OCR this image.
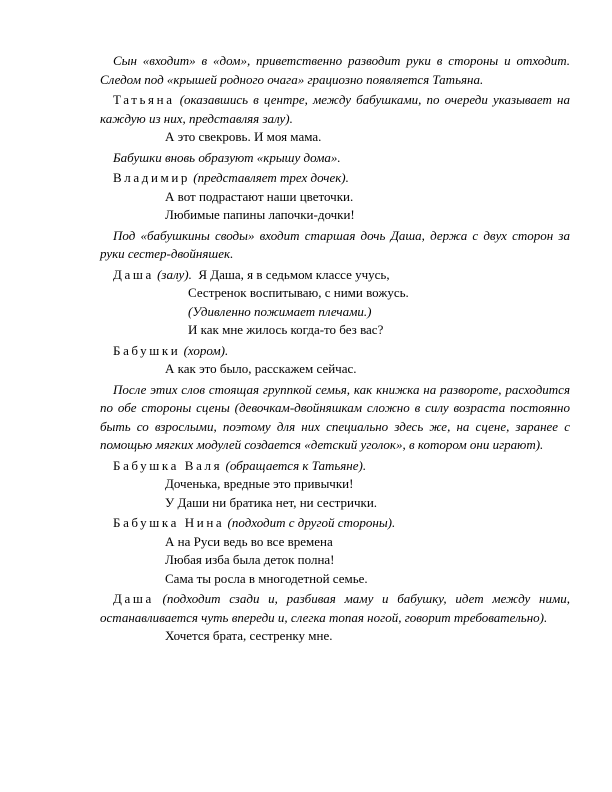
Сын «входит» в «дом», приветственно разводит руки в стороны и отходит. Следом под «крышей родного очага» грациозно появляется Татьяна.

Татьяна (оказавшись в центре, между бабушками, по очереди указывает на каждую из них, представляя залу).

А это свекровь. И моя мама.

Бабушки вновь образуют «крышу дома».

Владимир (представляет трех дочек).

А вот подрастают наши цветочки.

Любимые папины лапочки-дочки!

Под «бабушкины своды» входит старшая дочь Даша, держа с двух сторон за руки сестер-двойняшек.

Даша (залу).  Я Даша, я в седьмом классе учусь,

Сестренок воспитываю, с ними вожусь.

(Удивленно пожимает плечами.)

И как мне жилось когда-то без вас?

Бабушки (хором).

А как это было, расскажем сейчас.

После этих слов стоящая группкой семья, как книжка на развороте, расходится по обе стороны сцены (девочкам-двойняшкам сложно в силу возраста постоянно быть со взрослыми, поэтому для них специально здесь же, на сцене, заранее с помощью мягких модулей создается «детский уголок», в котором они играют).

Бабушка Валя (обращается к Татьяне).

Доченька, вредные это привычки!

У Даши ни братика нет, ни сестрички.

Бабушка Нина (подходит с другой стороны).

А на Руси ведь во все времена

Любая изба была деток полна!

Сама ты росла в многодетной семье.

Даша (подходит сзади и, разбивая маму и бабушку, идет между ними, останавливается чуть впереди и, слегка топая ногой, говорит требовательно).

Хочется брата, сестренку мне.
